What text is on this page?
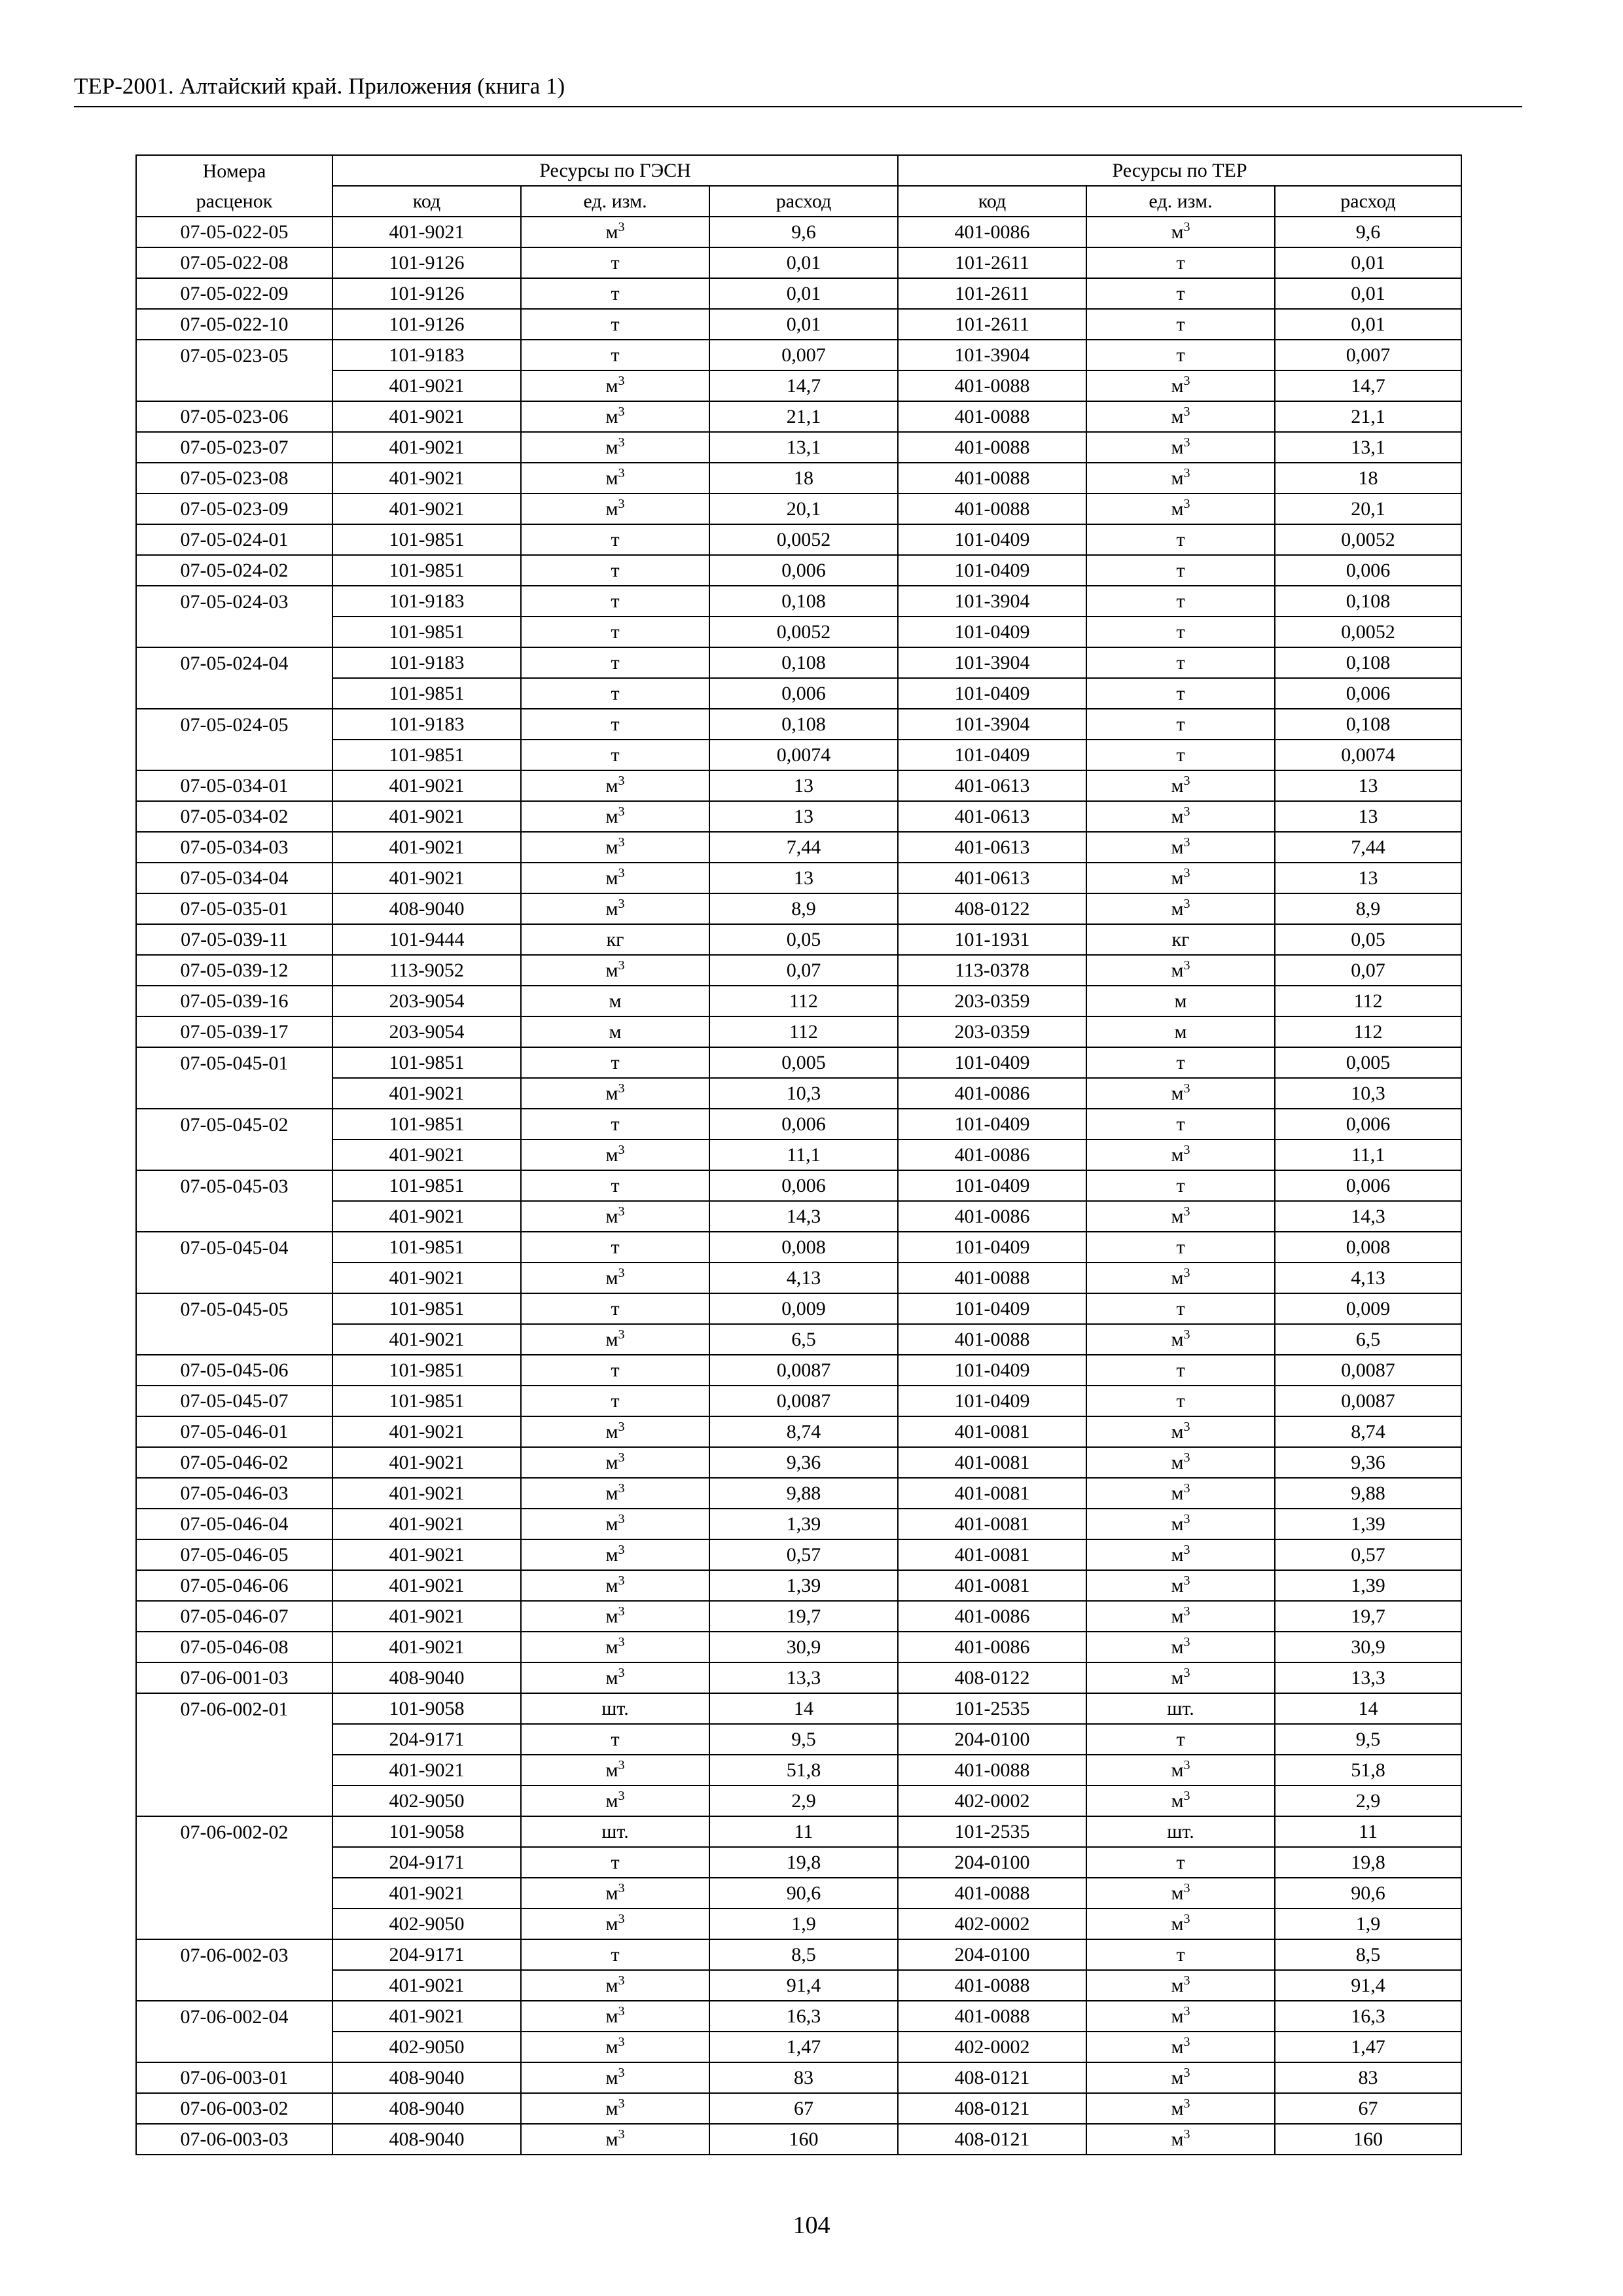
ТЕР-2001. Алтайский край. Приложения (книга 1)
Номера	Ресурсы по ГЭСН			Ресурсы по ТЕР		
расценок	код	ед. изм.	расход	код	ед. изм.	расход
07-05-022-05	401-9021	$м^3$	9,6	401-0086	$м^3$	9,6
07-05-022-08	101-9126	т	0,01	101-2611	т	0,01
07-05-022-09	101-9126	т	0,01	101-2611	т	0,01
07-05-022-10	101-9126	т	0,01	101-2611	т	0,01
07-05-023-05	101-9183	т	0,007	101-3904	т	0,007
	401-9021	$м^3$	14,7	401-0088	$м^3$	14,7
07-05-023-06	401-9021	$м^3$	21,1	401-0088	$м^3$	21,1
07-05-023-07	401-9021	$м^3$	13,1	401-0088	$м^3$	13,1
07-05-023-08	401-9021	$м^3$	18	401-0088	$м^3$	18
07-05-023-09	401-9021	$м^3$	20,1	401-0088	$м^3$	20,1
07-05-024-01	101-9851	т	0,0052	101-0409	т	0,0052
07-05-024-02	101-9851	т	0,006	101-0409	т	0,006
07-05-024-03	101-9183	т	0,108	101-3904	т	0,108
	101-9851	т	0,0052	101-0409	т	0,0052
07-05-024-04	101-9183	т	0,108	101-3904	т	0,108
	101-9851	т	0,006	101-0409	т	0,006
07-05-024-05	101-9183	т	0,108	101-3904	т	0,108
	101-9851	т	0,0074	101-0409	т	0,0074
07-05-034-01	401-9021	$м^3$	13	401-0613	$м^3$	13
07-05-034-02	401-9021	$м^3$	13	401-0613	$м^3$	13
07-05-034-03	401-9021	$м^3$	7,44	401-0613	$м^3$	7,44
07-05-034-04	401-9021	$м^3$	13	401-0613	$м^3$	13
07-05-035-01	408-9040	$м^3$	8,9	408-0122	$м^3$	8,9
07-05-039-11	101-9444	кг	0,05	101-1931	кг	0,05
07-05-039-12	113-9052	$м^3$	0,07	113-0378	$м^3$	0,07
07-05-039-16	203-9054	м	112	203-0359	м	112
07-05-039-17	203-9054	м	112	203-0359	м	112
07-05-045-01	101-9851	т	0,005	101-0409	т	0,005
	401-9021	$м^3$	10,3	401-0086	$м^3$	10,3
07-05-045-02	101-9851	т	0,006	101-0409	т	0,006
	401-9021	$м^3$	11,1	401-0086	$м^3$	11,1
07-05-045-03	101-9851	т	0,006	101-0409	т	0,006
	401-9021	$м^3$	14,3	401-0086	$м^3$	14,3
07-05-045-04	101-9851	т	0,008	101-0409	т	0,008
	401-9021	$м^3$	4,13	401-0088	$м^3$	4,13
07-05-045-05	101-9851	т	0,009	101-0409	т	0,009
	401-9021	$м^3$	6,5	401-0088	$м^3$	6,5
07-05-045-06	101-9851	т	0,0087	101-0409	т	0,0087
07-05-045-07	101-9851	т	0,0087	101-0409	т	0,0087
07-05-046-01	401-9021	$м^3$	8,74	401-0081	$м^3$	8,74
07-05-046-02	401-9021	$м^3$	9,36	401-0081	$м^3$	9,36
07-05-046-03	401-9021	$м^3$	9,88	401-0081	$м^3$	9,88
07-05-046-04	401-9021	$м^3$	1,39	401-0081	$м^3$	1,39
07-05-046-05	401-9021	$м^3$	0,57	401-0081	$м^3$	0,57
07-05-046-06	401-9021	$м^3$	1,39	401-0081	$м^3$	1,39
07-05-046-07	401-9021	$м^3$	19,7	401-0086	$м^3$	19,7
07-05-046-08	401-9021	$м^3$	30,9	401-0086	$м^3$	30,9
07-06-001-03	408-9040	$м^3$	13,3	408-0122	$м^3$	13,3
07-06-002-01	101-9058	шт.	14	101-2535	шт.	14
	204-9171	т	9,5	204-0100	т	9,5
	401-9021	$м^3$	51,8	401-0088	$м^3$	51,8
	402-9050	$м^3$	2,9	402-0002	$м^3$	2,9
07-06-002-02	101-9058	шт.	11	101-2535	шт.	11
	204-9171	т	19,8	204-0100	т	19,8
	401-9021	$м^3$	90,6	401-0088	$м^3$	90,6
	402-9050	$м^3$	1,9	402-0002	$м^3$	1,9
07-06-002-03	204-9171	т	8,5	204-0100	т	8,5
	401-9021	$м^3$	91,4	401-0088	$м^3$	91,4
07-06-002-04	401-9021	$м^3$	16,3	401-0088	$м^3$	16,3
	402-9050	$м^3$	1,47	402-0002	$м^3$	1,47
07-06-003-01	408-9040	$м^3$	83	408-0121	$м^3$	83
07-06-003-02	408-9040	$м^3$	67	408-0121	$м^3$	67
07-06-003-03	408-9040	$м^3$	160	408-0121	$м^3$	160
104
